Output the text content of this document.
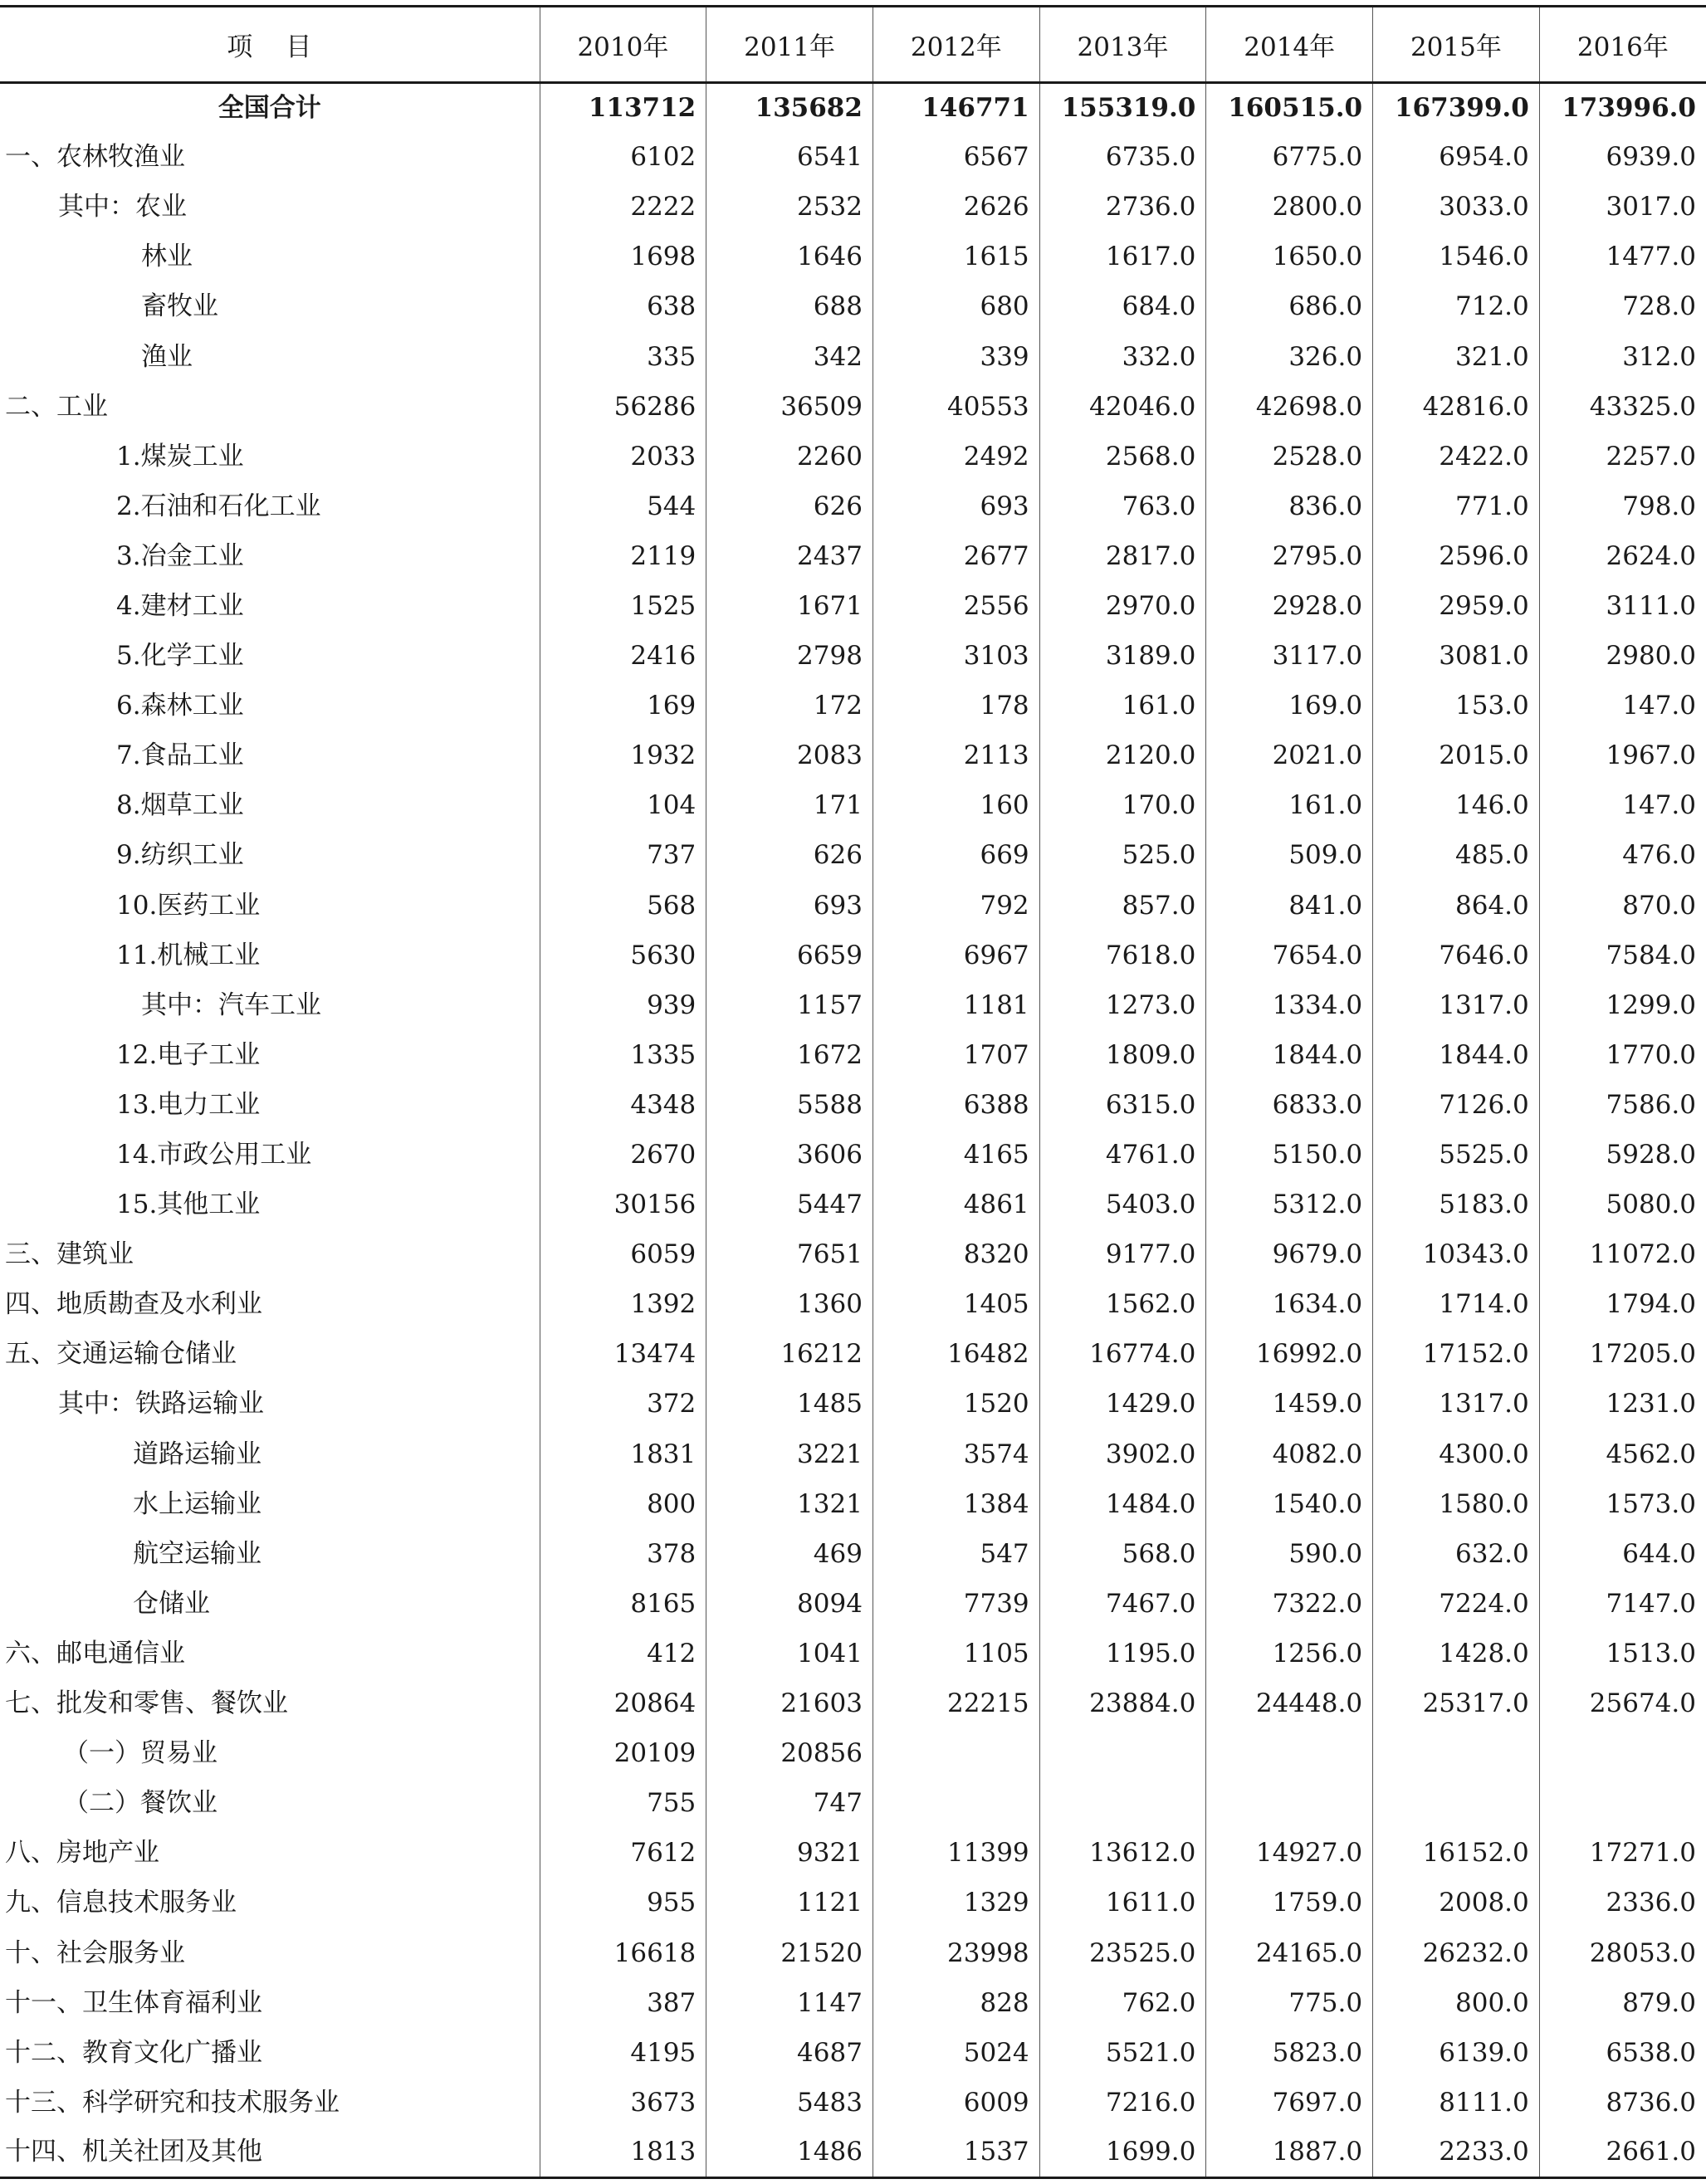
项目	2010年	2011年	2012年	2013年	2014年	2015年	2016年
全国合计	113712	135682	146771	155319.0	160515.0	167399.0	173996.0
一、农林牧渔业	6102	6541	6567	6735.0	6775.0	6954.0	6939.0
其中：农业	2222	2532	2626	2736.0	2800.0	3033.0	3017.0
林业	1698	1646	1615	1617.0	1650.0	1546.0	1477.0
畜牧业	638	688	680	684.0	686.0	712.0	728.0
渔业	335	342	339	332.0	326.0	321.0	312.0
二、工业	56286	36509	40553	42046.0	42698.0	42816.0	43325.0
1.煤炭工业	2033	2260	2492	2568.0	2528.0	2422.0	2257.0
2.石油和石化工业	544	626	693	763.0	836.0	771.0	798.0
3.冶金工业	2119	2437	2677	2817.0	2795.0	2596.0	2624.0
4.建材工业	1525	1671	2556	2970.0	2928.0	2959.0	3111.0
5.化学工业	2416	2798	3103	3189.0	3117.0	3081.0	2980.0
6.森林工业	169	172	178	161.0	169.0	153.0	147.0
7.食品工业	1932	2083	2113	2120.0	2021.0	2015.0	1967.0
8.烟草工业	104	171	160	170.0	161.0	146.0	147.0
9.纺织工业	737	626	669	525.0	509.0	485.0	476.0
10.医药工业	568	693	792	857.0	841.0	864.0	870.0
11.机械工业	5630	6659	6967	7618.0	7654.0	7646.0	7584.0
其中：汽车工业	939	1157	1181	1273.0	1334.0	1317.0	1299.0
12.电子工业	1335	1672	1707	1809.0	1844.0	1844.0	1770.0
13.电力工业	4348	5588	6388	6315.0	6833.0	7126.0	7586.0
14.市政公用工业	2670	3606	4165	4761.0	5150.0	5525.0	5928.0
15.其他工业	30156	5447	4861	5403.0	5312.0	5183.0	5080.0
三、建筑业	6059	7651	8320	9177.0	9679.0	10343.0	11072.0
四、地质勘查及水利业	1392	1360	1405	1562.0	1634.0	1714.0	1794.0
五、交通运输仓储业	13474	16212	16482	16774.0	16992.0	17152.0	17205.0
其中：铁路运输业	372	1485	1520	1429.0	1459.0	1317.0	1231.0
道路运输业	1831	3221	3574	3902.0	4082.0	4300.0	4562.0
水上运输业	800	1321	1384	1484.0	1540.0	1580.0	1573.0
航空运输业	378	469	547	568.0	590.0	632.0	644.0
仓储业	8165	8094	7739	7467.0	7322.0	7224.0	7147.0
六、邮电通信业	412	1041	1105	1195.0	1256.0	1428.0	1513.0
七、批发和零售、餐饮业	20864	21603	22215	23884.0	24448.0	25317.0	25674.0
（一）贸易业	20109	20856					
（二）餐饮业	755	747					
八、房地产业	7612	9321	11399	13612.0	14927.0	16152.0	17271.0
九、信息技术服务业	955	1121	1329	1611.0	1759.0	2008.0	2336.0
十、社会服务业	16618	21520	23998	23525.0	24165.0	26232.0	28053.0
十一、卫生体育福利业	387	1147	828	762.0	775.0	800.0	879.0
十二、教育文化广播业	4195	4687	5024	5521.0	5823.0	6139.0	6538.0
十三、科学研究和技术服务业	3673	5483	6009	7216.0	7697.0	8111.0	8736.0
十四、机关社团及其他	1813	1486	1537	1699.0	1887.0	2233.0	2661.0
